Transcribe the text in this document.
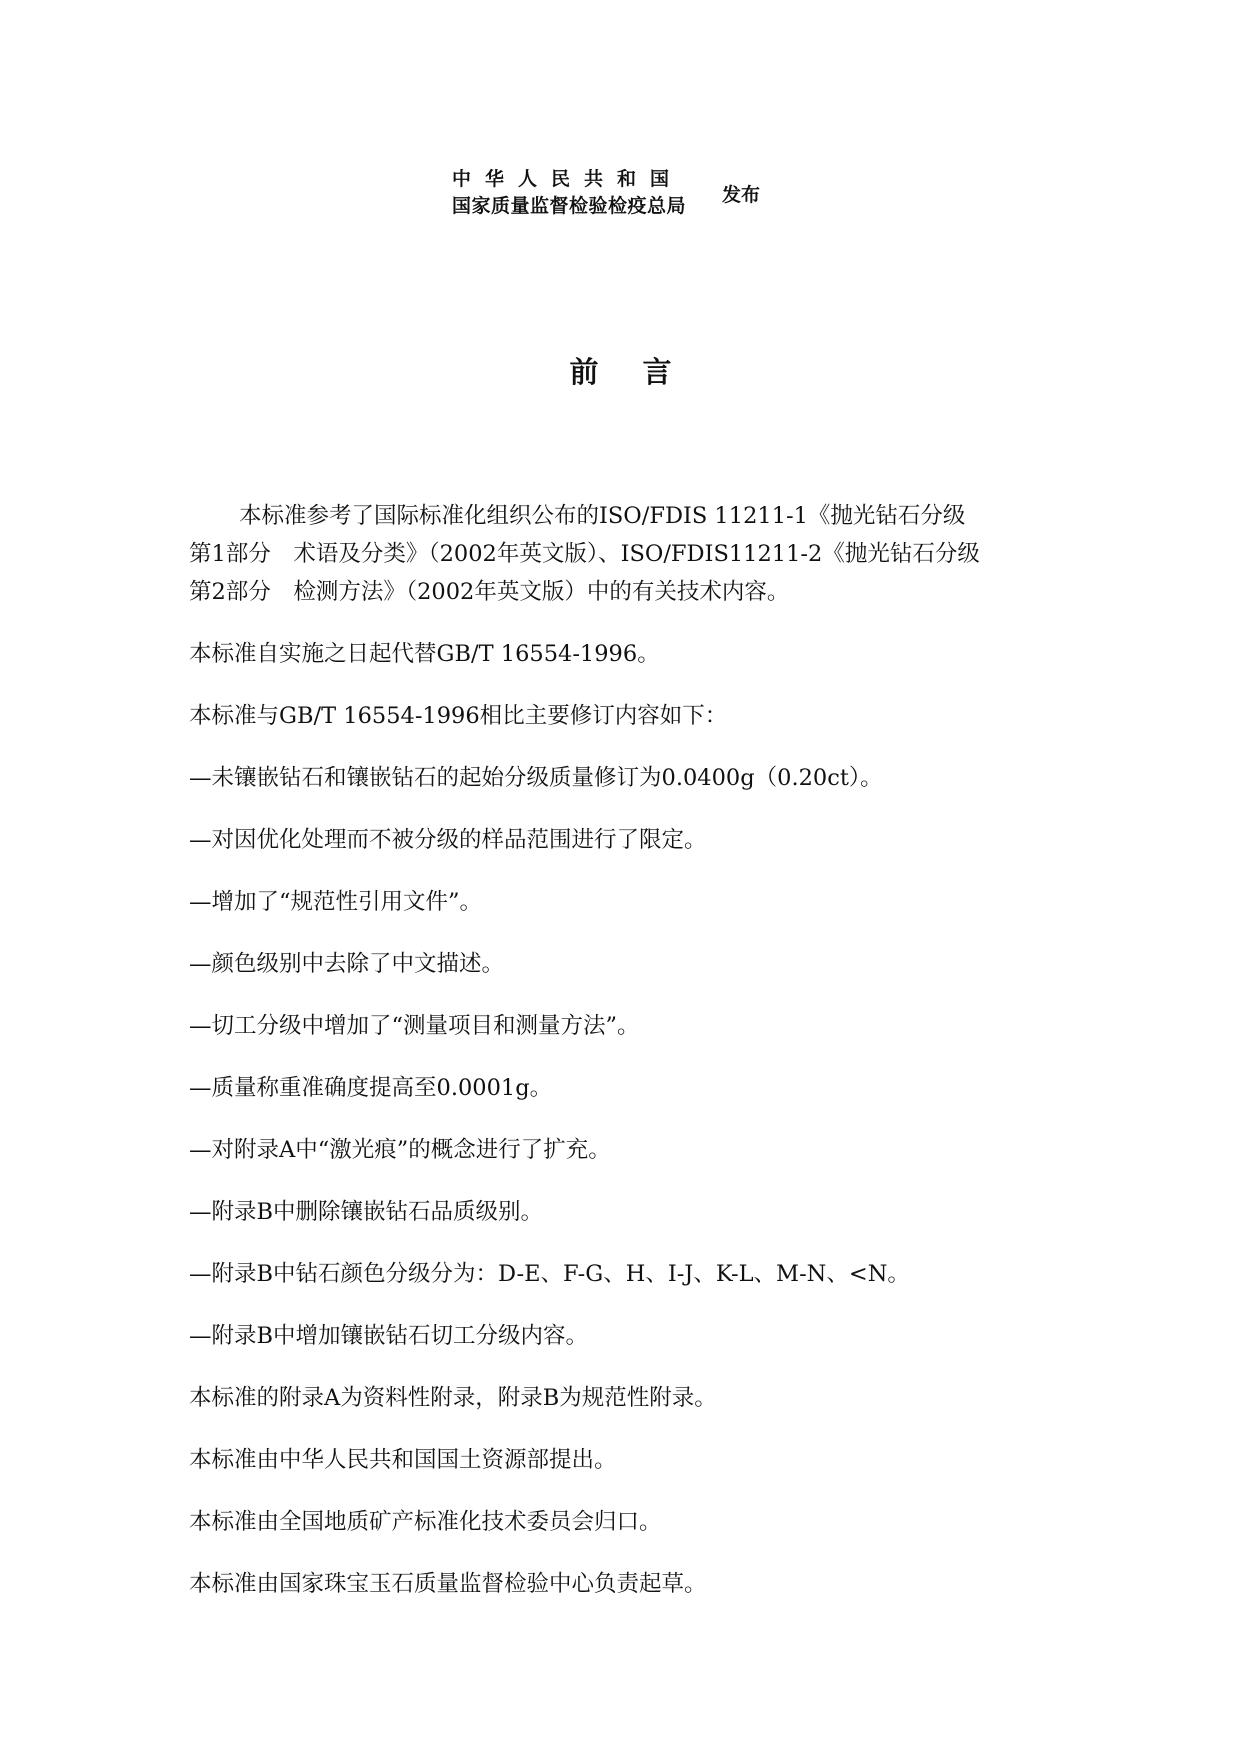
中华人民共和国
国家质量监督检验检疫总局
发布
前言

本标准参考了国际标准化组织公布的ISO/FDIS 11211-1《抛光钻石分级
第1部分　术语及分类》（2002年英文版）、ISO/FDIS11211-2《抛光钻石分级
第2部分　检测方法》（2002年英文版）中的有关技术内容。

本标准自实施之日起代替GB/T 16554-1996。

本标准与GB/T 16554-1996相比主要修订内容如下：

—未镶嵌钻石和镶嵌钻石的起始分级质量修订为0.0400g（0.20ct）。

—对因优化处理而不被分级的样品范围进行了限定。

—增加了“规范性引用文件”。

—颜色级别中去除了中文描述。

—切工分级中增加了“测量项目和测量方法”。

—质量称重准确度提高至0.0001g。

—对附录A中“激光痕”的概念进行了扩充。

—附录B中删除镶嵌钻石品质级别。

—附录B中钻石颜色分级分为：D-E、F-G、H、I-J、K-L、M-N、<N。

—附录B中增加镶嵌钻石切工分级内容。

本标准的附录A为资料性附录，附录B为规范性附录。

本标准由中华人民共和国国土资源部提出。

本标准由全国地质矿产标准化技术委员会归口。

本标准由国家珠宝玉石质量监督检验中心负责起草。
